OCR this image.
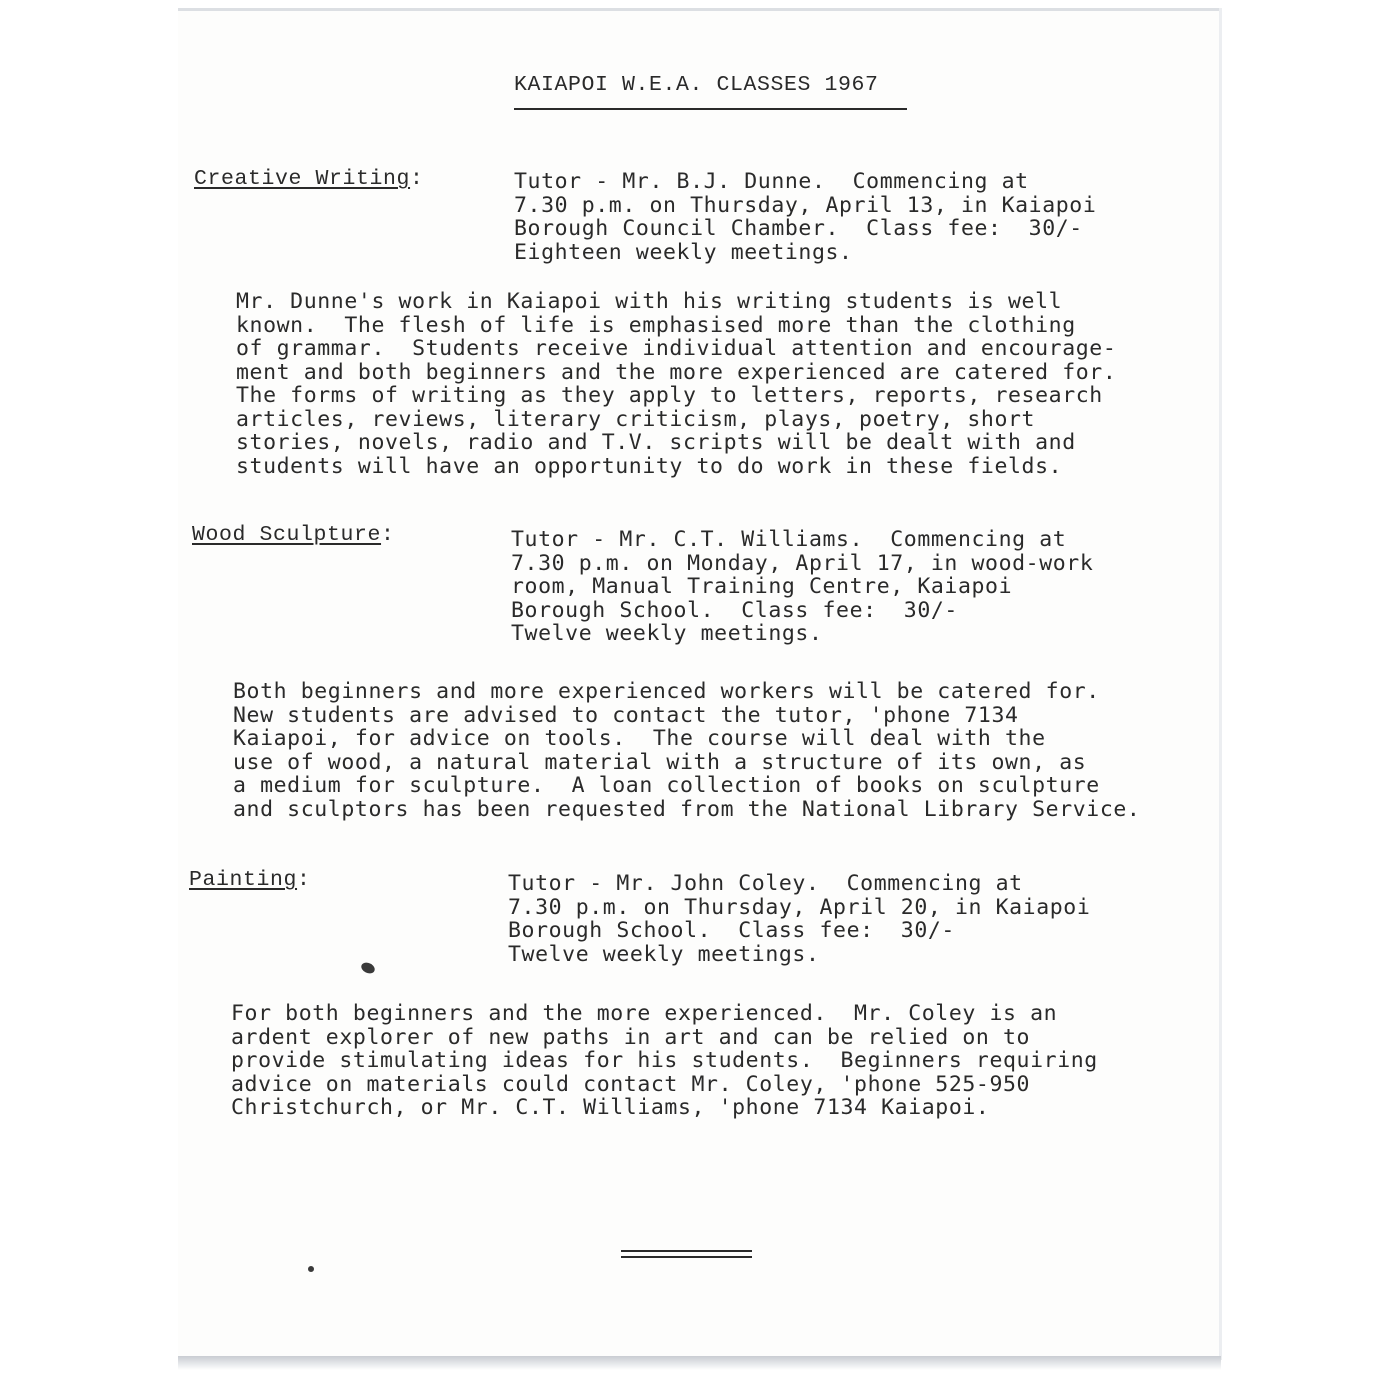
KAIAPOI W.E.A. CLASSES 1967
Creative Writing:	Tutor - Mr. B.J. Dunne.  Commencing at
7.30 p.m. on Thursday, April 13, in Kaiapoi
Borough Council Chamber.  Class fee:  30/-
Eighteen weekly meetings.
Mr. Dunne's work in Kaiapoi with his writing students is well
known.  The flesh of life is emphasised more than the clothing
of grammar.  Students receive individual attention and encourage-
ment and both beginners and the more experienced are catered for.
The forms of writing as they apply to letters, reports, research
articles, reviews, literary criticism, plays, poetry, short
stories, novels, radio and T.V. scripts will be dealt with and
students will have an opportunity to do work in these fields.
Wood Sculpture:	Tutor - Mr. C.T. Williams.  Commencing at
7.30 p.m. on Monday, April 17, in wood-work
room, Manual Training Centre, Kaiapoi
Borough School.  Class fee:  30/-
Twelve weekly meetings.
Both beginners and more experienced workers will be catered for.
New students are advised to contact the tutor, 'phone 7134
Kaiapoi, for advice on tools.  The course will deal with the
use of wood, a natural material with a structure of its own, as
a medium for sculpture.  A loan collection of books on sculpture
and sculptors has been requested from the National Library Service.
Painting:	Tutor - Mr. John Coley.  Commencing at
7.30 p.m. on Thursday, April 20, in Kaiapoi
Borough School.  Class fee:  30/-
Twelve weekly meetings.
For both beginners and the more experienced.  Mr. Coley is an
ardent explorer of new paths in art and can be relied on to
provide stimulating ideas for his students.  Beginners requiring
advice on materials could contact Mr. Coley, 'phone 525-950
Christchurch, or Mr. C.T. Williams, 'phone 7134 Kaiapoi.
